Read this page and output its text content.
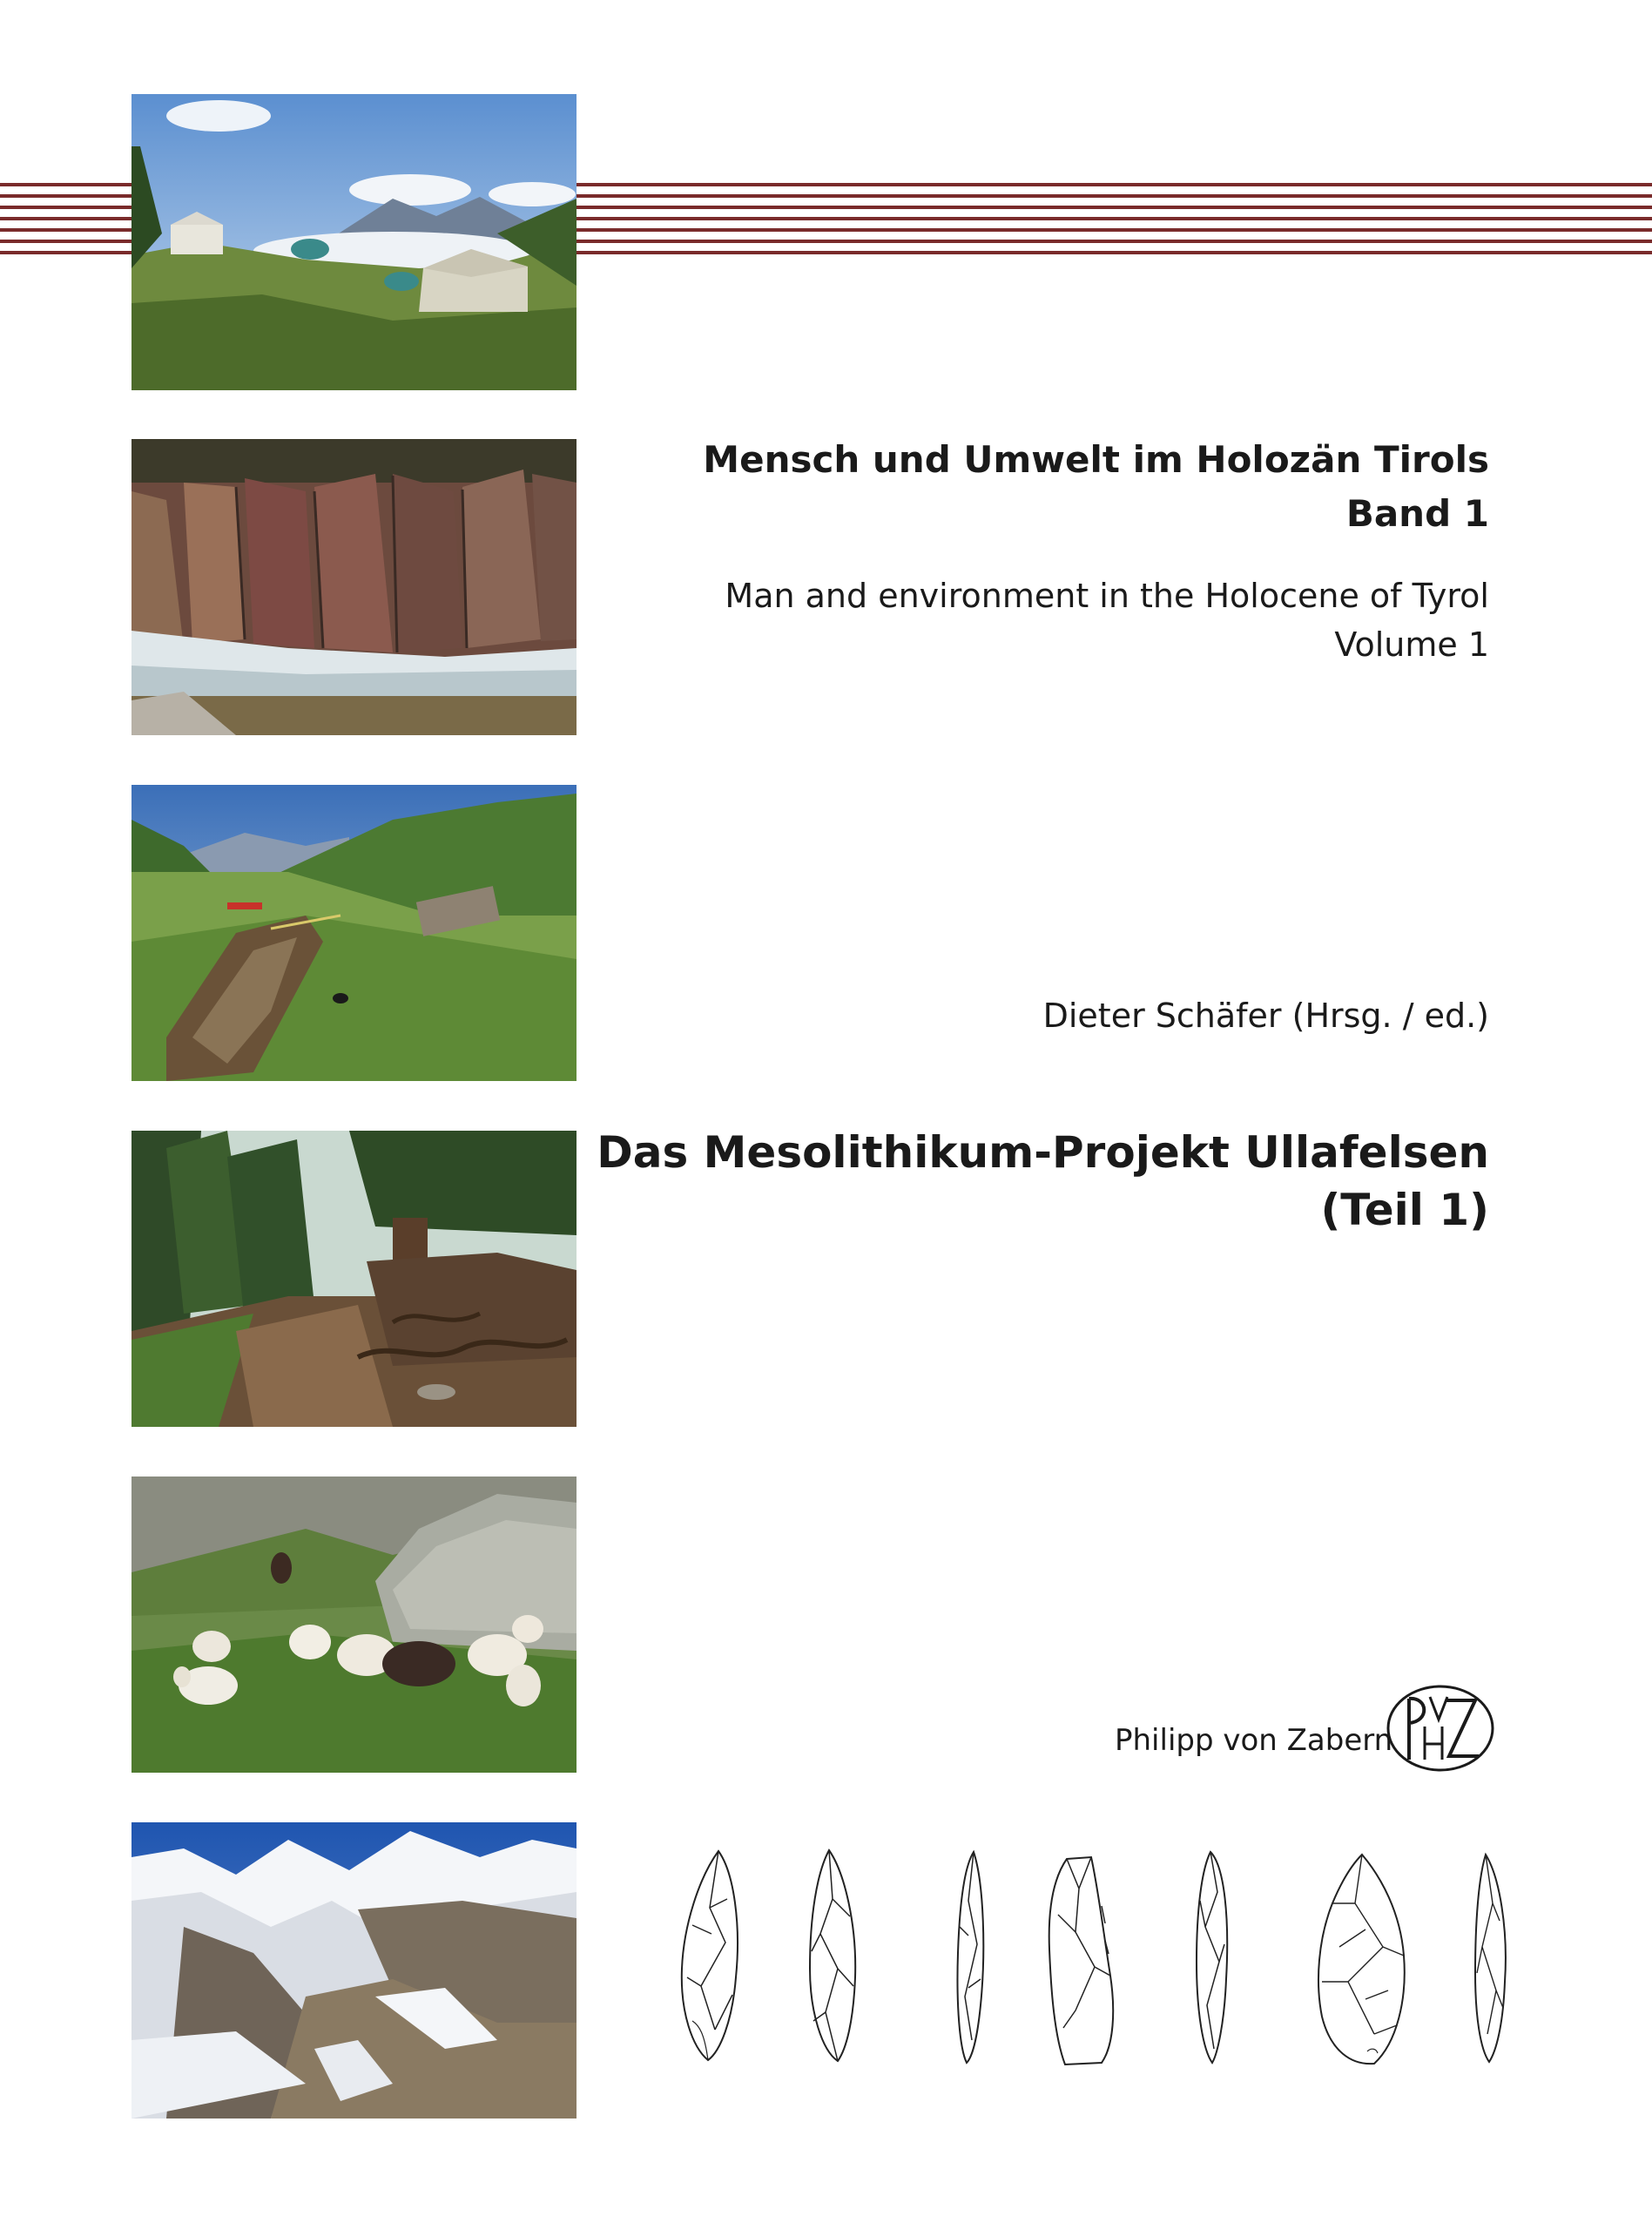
Mensch und Umwelt im Holozän Tirols
Band 1
Man and environment in the Holocene of Tyrol
Volume 1
Dieter Schäfer (Hrsg. / ed.)
Das Mesolithikum-Projekt Ullafelsen
(Teil 1)
Philipp von Zabern
